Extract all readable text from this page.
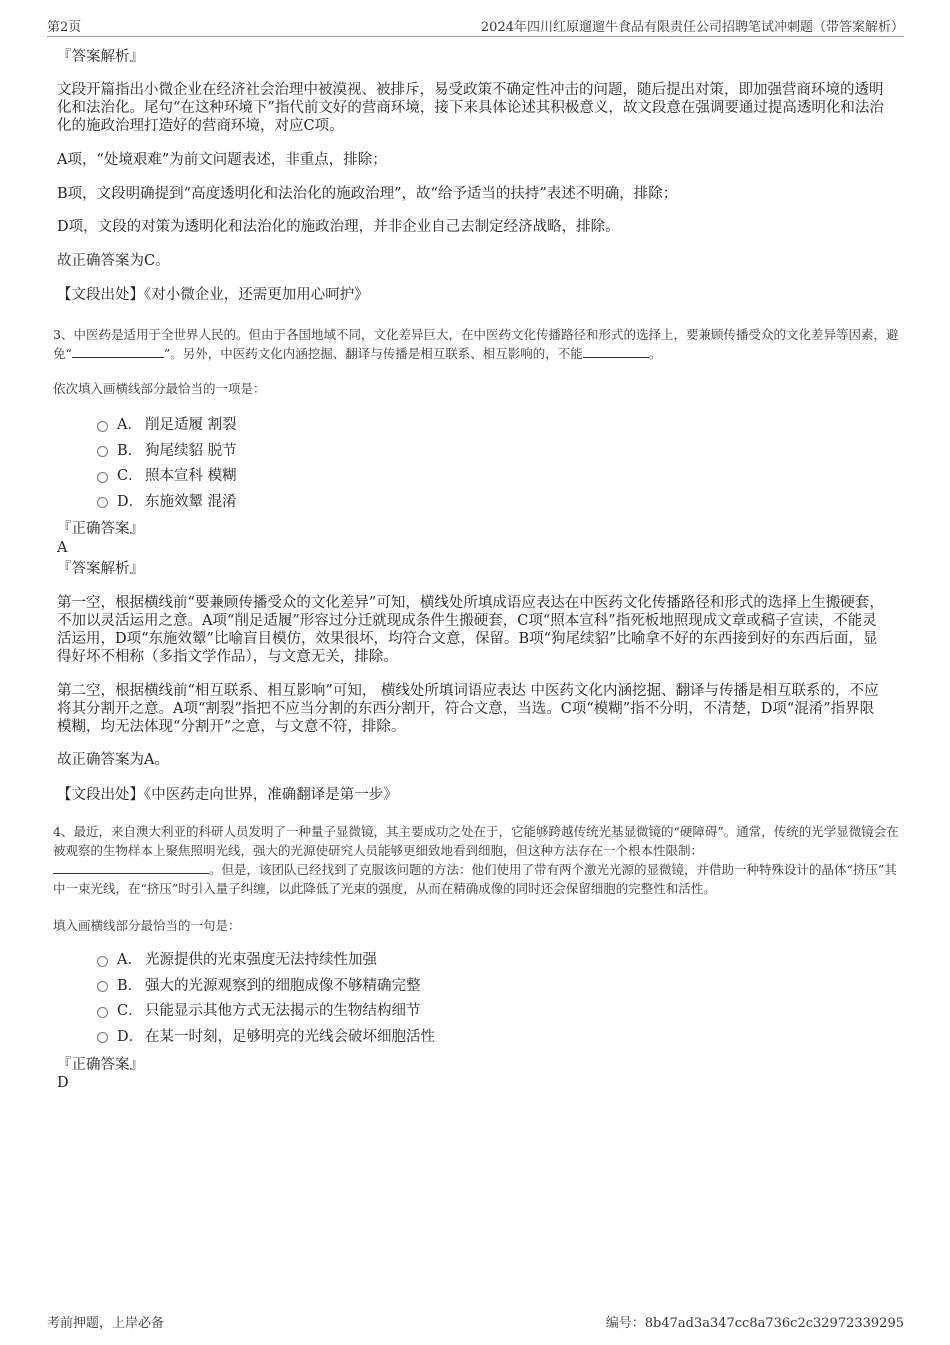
第2页	2024年四川红原遛遛牛食品有限责任公司招聘笔试冲刺题（带答案解析）
『答案解析』
文段开篇指出小微企业在经济社会治理中被漠视、被排斥，易受政策不确定性冲击的问题，随后提出对策，即加强营商环境的透明化和法治化。尾句“在这种环境下”指代前文好的营商环境，接下来具体论述其积极意义，故文段意在强调要通过提高透明化和法治化的施政治理打造好的营商环境，对应C项。
A项，“处境艰难”为前文问题表述，非重点，排除；
B项，文段明确提到“高度透明化和法治化的施政治理”，故“给予适当的扶持”表述不明确，排除；
D项，文段的对策为透明化和法治化的施政治理，并非企业自己去制定经济战略，排除。
故正确答案为C。
【文段出处】《对小微企业，还需更加用心呵护》
3、中医药是适用于全世界人民的。但由于各国地域不同，文化差异巨大，在中医药文化传播路径和形式的选择上，要兼顾传播受众的文化差异等因素，避免“	”。另外，中医药文化内涵挖掘、翻译与传播是相互联系、相互影响的，不能	。
依次填入画横线部分最恰当的一项是：
A． 削足适履 割裂
B． 狗尾续貂 脱节
C． 照本宣科 模糊
D． 东施效颦 混淆
『正确答案』
A
『答案解析』
第一空，根据横线前“要兼顾传播受众的文化差异”可知，横线处所填成语应表达在中医药文化传播路径和形式的选择上生搬硬套，不加以灵活运用之意。A项“削足适履”形容过分迁就现成条件生搬硬套，C项“照本宣科”指死板地照现成文章或稿子宣读，不能灵活运用，D项“东施效颦”比喻盲目模仿，效果很坏，均符合文意，保留。B项“狗尾续貂”比喻拿不好的东西接到好的东西后面，显得好坏不相称（多指文学作品），与文意无关，排除。
第二空，根据横线前“相互联系、相互影响”可知， 横线处所填词语应表达 中医药文化内涵挖掘、翻译与传播是相互联系的，不应将其分割开之意。A项“割裂”指把不应当分割的东西分割开，符合文意，当选。C项“模糊”指不分明，不清楚，D项“混淆”指界限模糊，均无法体现“分割开”之意，与文意不符，排除。
故正确答案为A。
【文段出处】《中医药走向世界，准确翻译是第一步》
4、最近，来自澳大利亚的科研人员发明了一种量子显微镜，其主要成功之处在于，它能够跨越传统光基显微镜的“硬障碍”。通常，传统的光学显微镜会在被观察的生物样本上聚焦照明光线，强大的光源使研究人员能够更细致地看到细胞，但这种方法存在一个根本性限制：
。但是，该团队已经找到了克服该问题的方法：他们使用了带有两个激光光源的显微镜，并借助一种特殊设计的晶体“挤压”其中一束光线，在“挤压”时引入量子纠缠，以此降低了光束的强度，从而在精确成像的同时还会保留细胞的完整性和活性。
填入画横线部分最恰当的一句是：
A． 光源提供的光束强度无法持续性加强
B． 强大的光源观察到的细胞成像不够精确完整
C． 只能显示其他方式无法揭示的生物结构细节
D． 在某一时刻，足够明亮的光线会破坏细胞活性
『正确答案』
D
考前押题，上岸必备	编号：8b47ad3a347cc8a736c2c32972339295
